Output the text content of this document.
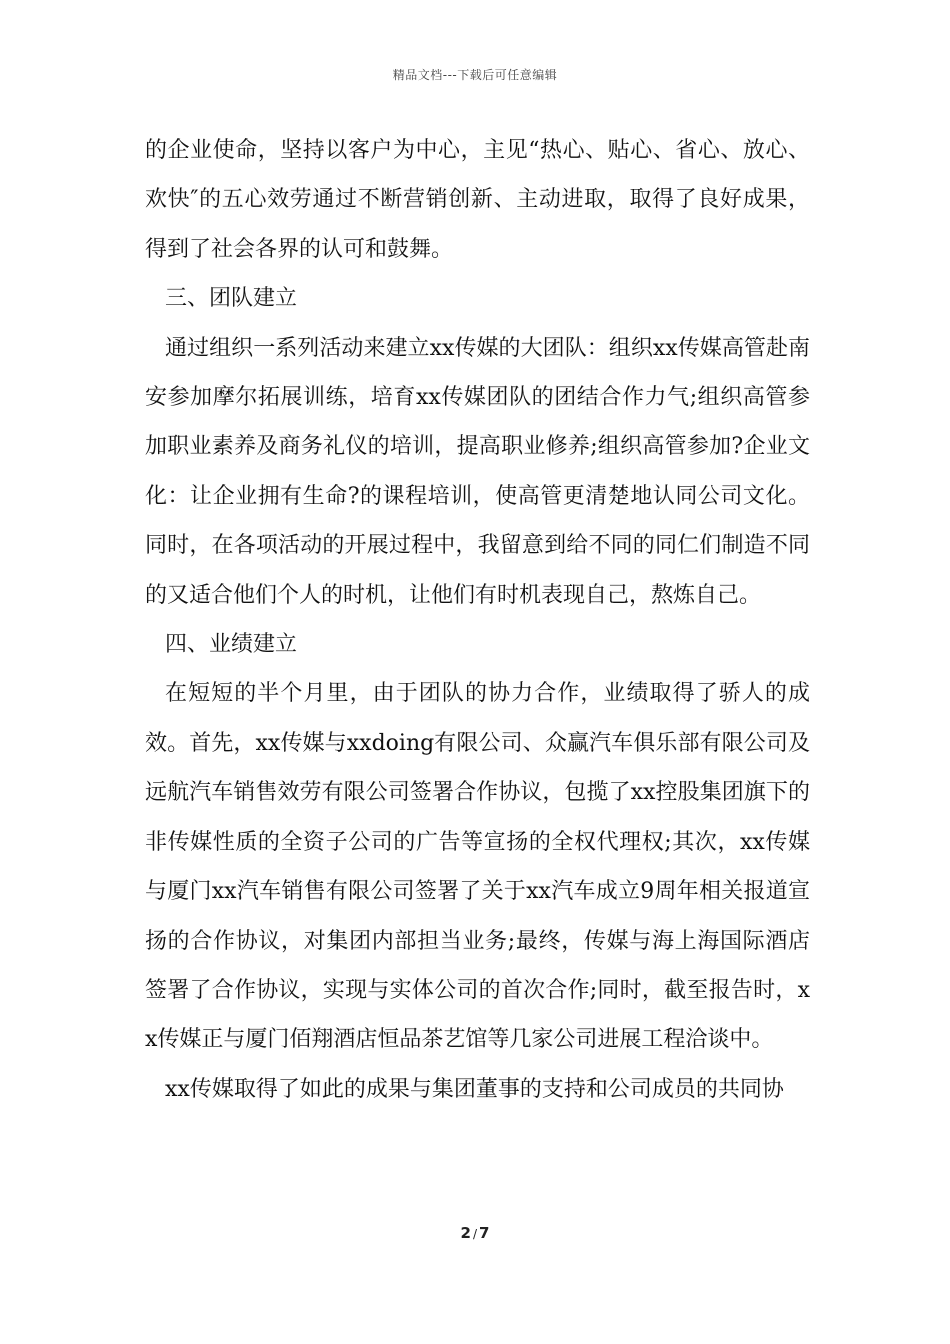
精品文档---下载后可任意编辑

的企业使命，坚持以客户为中心，主见“热心、贴心、省心、放心、欢快″的五心效劳通过不断营销创新、主动进取，取得了良好成果，得到了社会各界的认可和鼓舞。

三、团队建立

通过组织一系列活动来建立xx传媒的大团队：组织xx传媒高管赴南安参加摩尔拓展训练，培育xx传媒团队的团结合作力气;组织高管参加职业素养及商务礼仪的培训，提高职业修养;组织高管参加?企业文化：让企业拥有生命?的课程培训，使高管更清楚地认同公司文化。同时，在各项活动的开展过程中，我留意到给不同的同仁们制造不同的又适合他们个人的时机，让他们有时机表现自己，熬炼自己。

四、业绩建立

在短短的半个月里，由于团队的协力合作，业绩取得了骄人的成效。首先，xx传媒与xxdoing有限公司、众赢汽车俱乐部有限公司及远航汽车销售效劳有限公司签署合作协议，包揽了xx控股集团旗下的非传媒性质的全资子公司的广告等宣扬的全权代理权;其次，xx传媒与厦门xx汽车销售有限公司签署了关于xx汽车成立9周年相关报道宣扬的合作协议，对集团内部担当业务;最终，传媒与海上海国际酒店签署了合作协议，实现与实体公司的首次合作;同时，截至报告时，xx传媒正与厦门佰翔酒店恒品茶艺馆等几家公司进展工程洽谈中。

xx传媒取得了如此的成果与集团董事的支持和公司成员的共同协

2 / 7
